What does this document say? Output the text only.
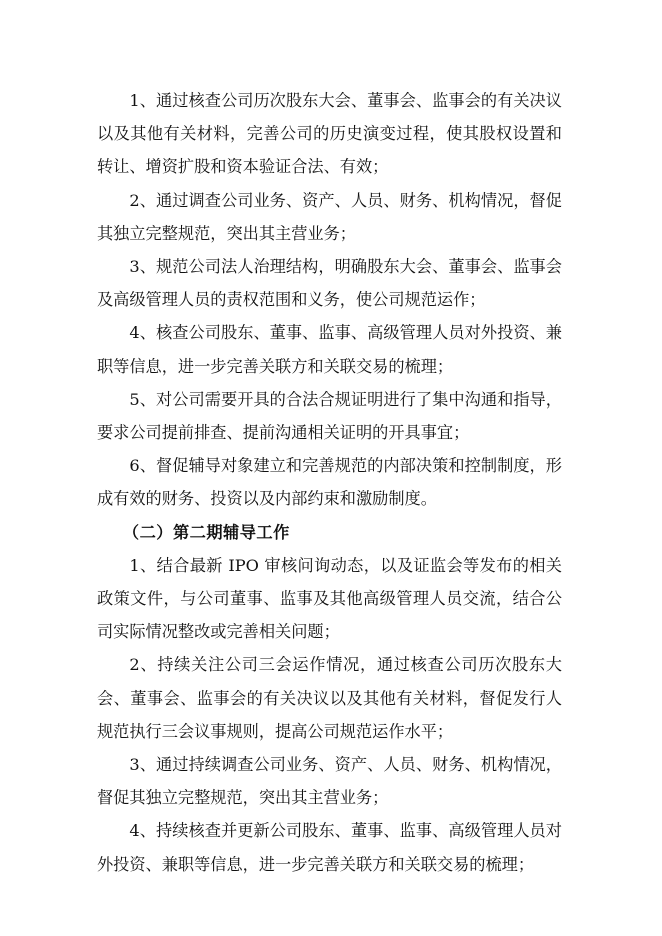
1、通过核查公司历次股东大会、董事会、监事会的有关决议以及其他有关材料，完善公司的历史演变过程，使其股权设置和转让、增资扩股和资本验证合法、有效；

2、通过调查公司业务、资产、人员、财务、机构情况，督促其独立完整规范，突出其主营业务；

3、规范公司法人治理结构，明确股东大会、董事会、监事会及高级管理人员的责权范围和义务，使公司规范运作；

4、核查公司股东、董事、监事、高级管理人员对外投资、兼职等信息，进一步完善关联方和关联交易的梳理；

5、对公司需要开具的合法合规证明进行了集中沟通和指导，要求公司提前排查、提前沟通相关证明的开具事宜；

6、督促辅导对象建立和完善规范的内部决策和控制制度，形成有效的财务、投资以及内部约束和激励制度。

（二）第二期辅导工作

1、结合最新 IPO 审核问询动态，以及证监会等发布的相关政策文件，与公司董事、监事及其他高级管理人员交流，结合公司实际情况整改或完善相关问题；

2、持续关注公司三会运作情况，通过核查公司历次股东大会、董事会、监事会的有关决议以及其他有关材料，督促发行人规范执行三会议事规则，提高公司规范运作水平；

3、通过持续调查公司业务、资产、人员、财务、机构情况，督促其独立完整规范，突出其主营业务；

4、持续核查并更新公司股东、董事、监事、高级管理人员对外投资、兼职等信息，进一步完善关联方和关联交易的梳理；
